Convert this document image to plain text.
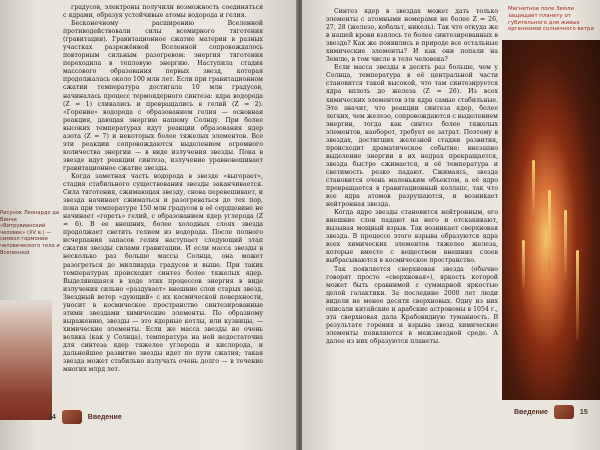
Рисунок Леонардо да Винчи «Витрувианский человек» (XV в.) — символ гармонии человеческого тела и Вселенной

градусов, электроны получили возможность соединяться с ядрами, образуя устойчивые атомы водорода и гелия.

Бесконечному расширению Вселенной противодействовали силы всемирного тяготения (гравитации). Гравитационное сжатие материи в разных участках разрежённой Вселенной сопровождалось повторным сильным разогревом: энергия тяготения переходила в тепловую энергию. Наступила стадия массового образования первых звезд, которая продолжалась около 100 млн лет. Если при гравитационном сжатии температура достигала 10 млн градусов, начиналась процесс термоядерного синтеза: ядра водорода (Z = 1) сливались и превращались в гелий (Z = 2). «Горение» водорода с образованием гелия — основная реакция, дающая энергию нашему Солнцу. При более высоких температурах идут реакции образования ядер азота (Z = 7) и некоторых более тяжелых элементов. Все эти реакции сопровождаются выделением огромного количества энергии — в виде излучения звезды. Пока в звезде идут реакции синтеза, излучение уравновешивает гравитационное сжатие звезды.

Когда заметная часть водорода в звезде «выгорает», стадия стабильного существования звезды заканчивается. Сила тяготения, сжимающая звезду, снова перевешивает, и звезда начинает сжиматься и разогреваться до тех пор, пока при температуре 150 млн градусов в её сердцевине не начинает «гореть» гелий, с образованием ядер углерода (Z = 6). В ее внешних, более холодных слоях звезда продолжает светить гелием из водорода. После полного исчерпания запасов гелия наступает следующий этап сжатия звезды силами гравитации. И если масса звезды в несколько раз больше массы Солнца, она может разогреться до миллиарда градусов и выше. При таких температурах происходит синтез более тяжелых ядер. Выделяющаяся в ходе этих процессов энергия в виде излучения сильно «раздувает» внешние слои старых звезд. Звездный ветер «дующий» с их космической поверхности, уносит в космическое пространство синтезированные этими звездами химические элементы. По образному выражению, звезды — это ядерные котлы, или кузницы, — химические элементы. Если же масса звезды не очень велика (как у Солнца), температура на ней недостаточна для синтеза ядер тяжелее углерода и кислорода, и дальнейшее развитие звезды идет по пути сжатия; такая звезда может стабильно излучать очень долго — в течение многих млрд лет.

14	Введение
Магнитное поле Земли защищает планету от губительного для живых организмов солнечного ветра

Синтез ядер в звездах может дать только элементы с атомными номерами не более Z = 26, 27, 28 (железо, кобальт, никель). Так что откуда же в нашей крови взялось то более синтезированных в звезде? Как же появились в природе все остальные химические элементы? И как они попали на Землю, в том числе в тело человека?

Если масса звезды в десять раз больше, чем у Солнца, температура в её центральной части становится такой высокой, что там синтезируется ядра вплоть до железа (Z = 26). Из всех химических элементов эти ядра самые стабильные. Это значит, что реакции синтеза ядер, более легких, чем железо, сопровождаются с выделением энергии, тогда как синтез более тяжелых элементов, наоборот, требует ее затрат. Поэтому в звездах, достигших железной стадии развития, происходит драматическое событие: внезапно выделение энергии в их недрах прекращается, звезда быстро сжимается, и её температура и светимость резко падают. Сжимаясь, звезда становится очень маленьким объектом, а её ядро превращается в гравитационный коллапс, так что все ядра атомов разрушаются, и возникает нейтронная звезда.

Когда ядро звезды становится нейтронным, его внешние слои падают на него и отскакивают, вызывая мощный взрыв. Так возникает сверхновая звезда. В процессе этого взрыва образуются ядра всех химических элементов тяжелее железа, которые вместе с веществом внешних слоев выбрасываются в космическое пространство.

Так появляется сверхновая звезда (обычно говорят просто «сверхновая»), яркость которой может быть сравнимой с суммарной яркостью целой галактики. За последние 2000 лет люди видели не менее десяти сверхновых. Одну из них описали китайские и арабские астрономы в 1054 г., эта сверхновая дала Крабовидную туманность. В результате горения и взрыва звезд химические элементы появляются в межзвездной среде. А далее из них образуются планеты.

Введение	15
